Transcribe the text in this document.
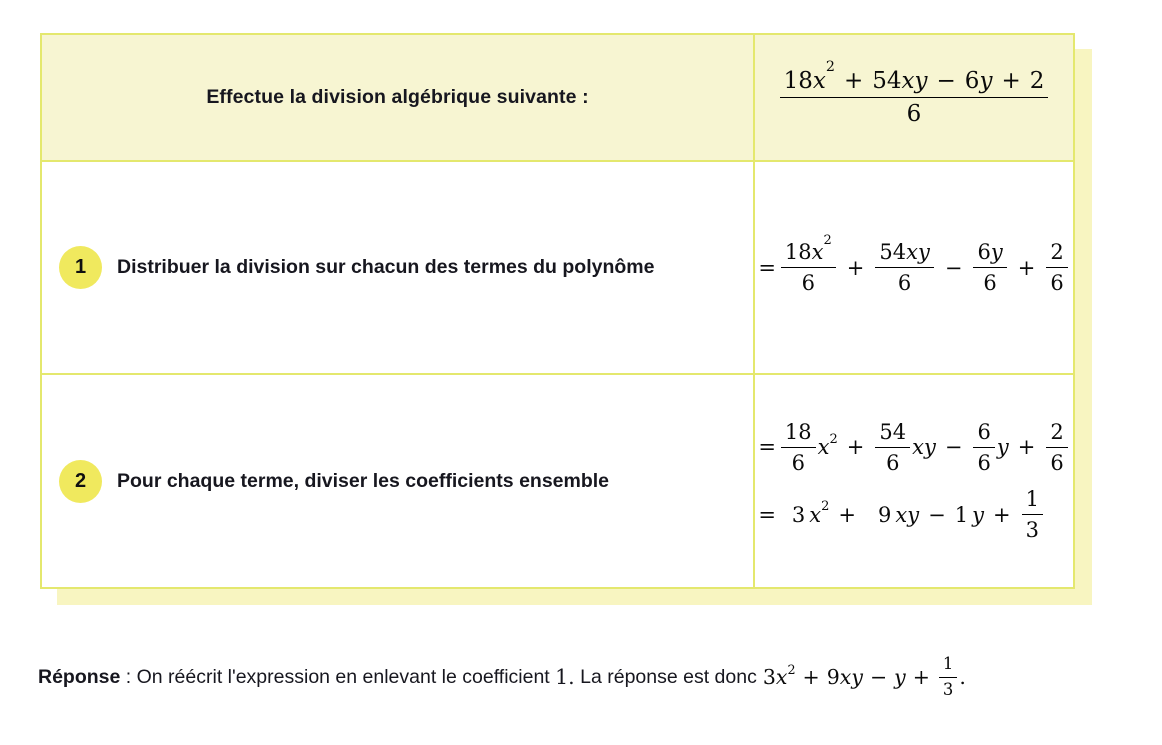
Effectue la division algébrique suivante :	$\frac{18x^2+ 54xy - 6y + 2}{6}$
1	Distribuer la division sur chacun des termes du polynôme	= $\frac{18x^2}{6} + \frac{54xy}{6} - \frac{6y}{6} + \frac{2}{6}$
2	Pour chaque terme, diviser les coefficients ensemble
= $\frac{18}{6}$ x $2 + \frac{54}{6}$ xy − $\frac{6}{6}$ $y + \frac{2}{6}$
= 3 x 2 + 9 xy − 1 $y + \frac{1}{3}$
Réponse : On réécrit l'expression en enlevant le coefficient 1. La réponse est donc 3 x 2 + 9 xy − $y + \frac{1}{3}$ .
